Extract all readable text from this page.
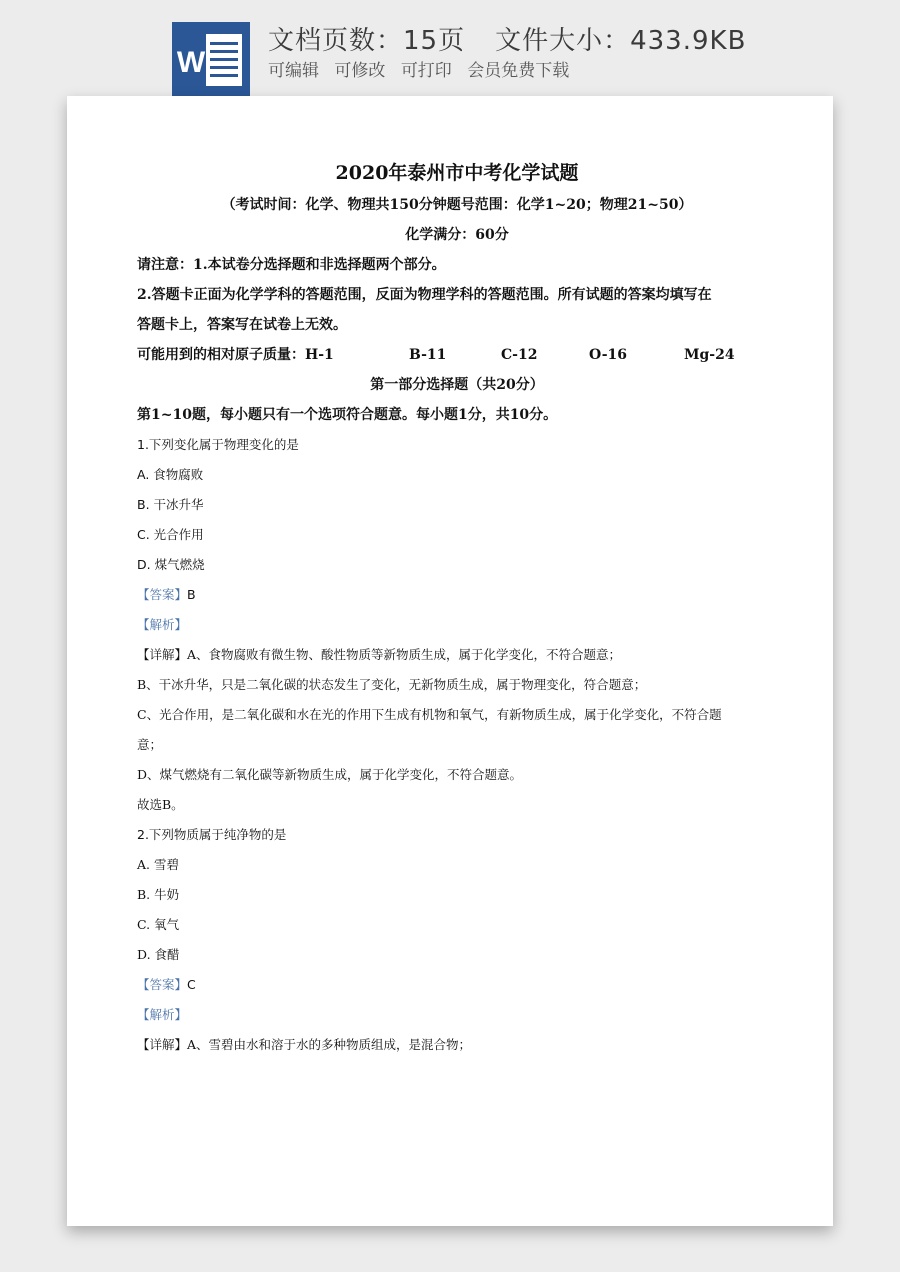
W
文档页数：15页 文件大小：433.9KB
可编辑 可修改 可打印 会员免费下载
2020年泰州市中考化学试题
（考试时间：化学、物理共150分钟题号范围：化学1~20；物理21~50）
化学满分：60分
请注意：1.本试卷分选择题和非选择题两个部分。
2.答题卡正面为化学学科的答题范围，反面为物理学科的答题范围。所有试题的答案均填写在
答题卡上，答案写在试卷上无效。
可能用到的相对原子质量：H-1	B-11	C-12	O-16	Mg-24
第一部分选择题（共20分）
第1~10题，每小题只有一个选项符合题意。每小题1分，共10分。
1.下列变化属于物理变化的是
A. 食物腐败
B. 干冰升华
C. 光合作用
D. 煤气燃烧
【答案】B
【解析】
【详解】A、食物腐败有微生物、酸性物质等新物质生成，属于化学变化，不符合题意；
B、干冰升华，只是二氧化碳的状态发生了变化，无新物质生成，属于物理变化，符合题意；
C、光合作用，是二氧化碳和水在光的作用下生成有机物和氧气，有新物质生成，属于化学变化，不符合题
意；
D、煤气燃烧有二氧化碳等新物质生成，属于化学变化，不符合题意。
故选B。
2.下列物质属于纯净物的是
A. 雪碧
B. 牛奶
C. 氧气
D. 食醋
【答案】C
【解析】
【详解】A、雪碧由水和溶于水的多种物质组成，是混合物；
